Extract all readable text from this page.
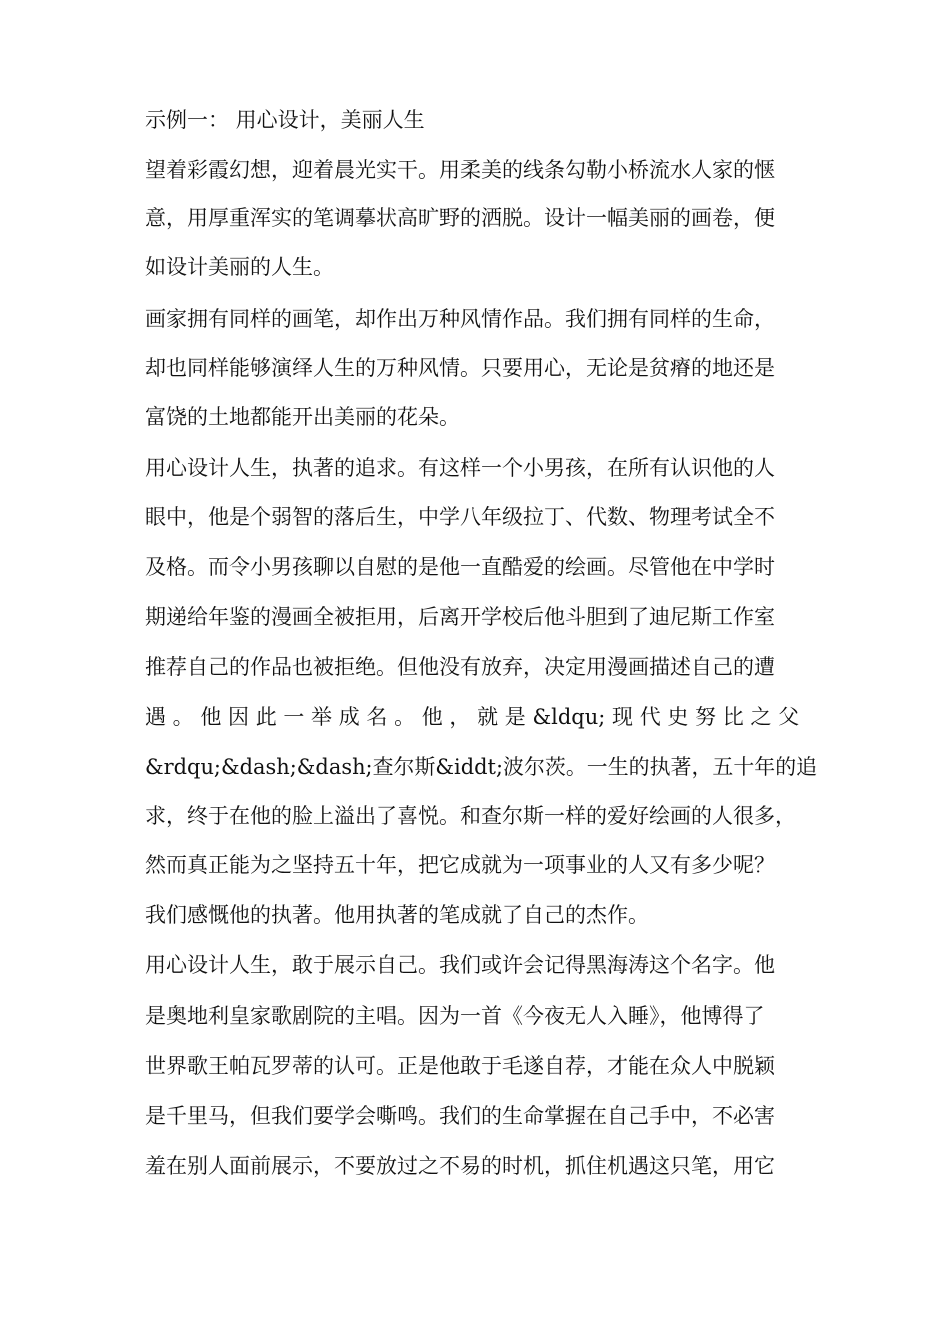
示例一： 用心设计，美丽人生
望着彩霞幻想，迎着晨光实干。用柔美的线条勾勒小桥流水人家的惬
意，用厚重浑实的笔调摹状高旷野的洒脱。设计一幅美丽的画卷，便
如设计美丽的人生。
画家拥有同样的画笔，却作出万种风情作品。我们拥有同样的生命，
却也同样能够演绎人生的万种风情。只要用心，无论是贫瘠的地还是
富饶的土地都能开出美丽的花朵。
用心设计人生，执著的追求。有这样一个小男孩，在所有认识他的人
眼中，他是个弱智的落后生，中学八年级拉丁、代数、物理考试全不
及格。而令小男孩聊以自慰的是他一直酷爱的绘画。尽管他在中学时
期递给年鉴的漫画全被拒用，后离开学校后他斗胆到了迪尼斯工作室
推荐自己的作品也被拒绝。但他没有放弃，决定用漫画描述自己的遭
遇 。 他 因 此 一 举 成 名 。 他 ， 就 是 &ldqu; 现 代 史 努 比 之 父
&rdqu;&dash;&dash;查尔斯&iddt;波尔茨。一生的执著，五十年的追
求，终于在他的脸上溢出了喜悦。和查尔斯一样的爱好绘画的人很多，
然而真正能为之坚持五十年，把它成就为一项事业的人又有多少呢？
我们感慨他的执著。他用执著的笔成就了自己的杰作。
用心设计人生，敢于展示自己。我们或许会记得黑海涛这个名字。他
是奥地利皇家歌剧院的主唱。因为一首《今夜无人入睡》，他博得了
世界歌王帕瓦罗蒂的认可。正是他敢于毛遂自荐，才能在众人中脱颖
是千里马，但我们要学会嘶鸣。我们的生命掌握在自己手中，不必害
羞在别人面前展示，不要放过之不易的时机，抓住机遇这只笔，用它
